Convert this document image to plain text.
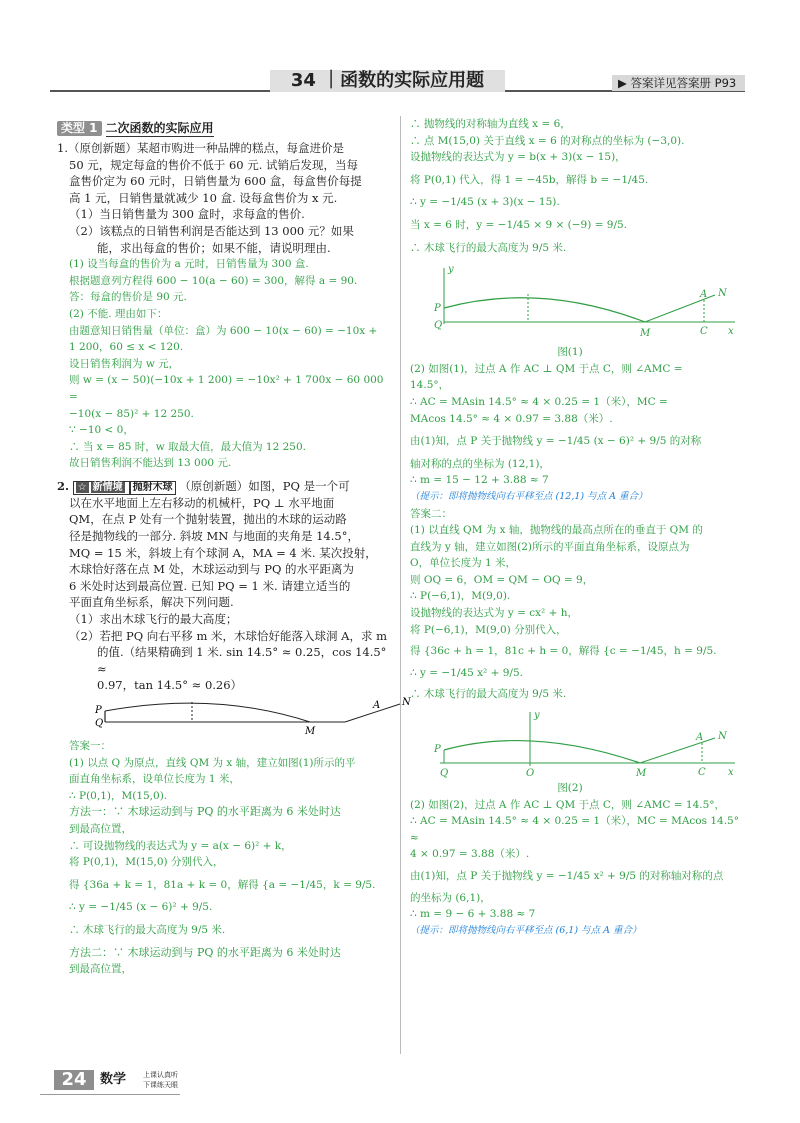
34 ｜函数的实际应用题	▶ 答案详见答案册 P93
类型 1 二次函数的实际应用
1.（原创新题）某超市购进一种品牌的糕点，每盒进价是
50 元，规定每盒的售价不低于 60 元. 试销后发现，当每
盒售价定为 60 元时，日销售量为 600 盒，每盒售价每提
高 1 元，日销售量就减少 10 盒. 设每盒售价为 x 元.
（1）当日销售量为 300 盒时，求每盒的售价.
（2）该糕点的日销售利润是否能达到 13 000 元？如果
能，求出每盒的售价；如果不能，请说明理由.
(1) 设当每盒的售价为 a 元时，日销售量为 300 盒.
根据题意列方程得 600 − 10(a − 60) = 300，解得 a = 90.
答：每盒的售价是 90 元.
(2) 不能. 理由如下：
由题意知日销售量（单位：盒）为 600 − 10(x − 60) = −10x +
1 200，60 ≤ x < 120.
设日销售利润为 w 元，
则 w = (x − 50)(−10x + 1 200) = −10x² + 1 700x − 60 000 =
−10(x − 85)² + 12 250.
∵ −10 < 0，
∴ 当 x = 85 时，w 取最大值，最大值为 12 250.
故日销售利润不能达到 13 000 元.
2. ☆ 新情境 抛射木球 （原创新题）如图，PQ 是一个可
以在水平地面上左右移动的机械杆，PQ ⊥ 水平地面
QM，在点 P 处有一个抛射装置，抛出的木球的运动路
径是抛物线的一部分. 斜坡 MN 与地面的夹角是 14.5°，
MQ = 15 米，斜坡上有个球洞 A，MA = 4 米. 某次投射，
木球恰好落在点 M 处，木球运动到与 PQ 的水平距离为
6 米处时达到最高位置. 已知 PQ = 1 米. 请建立适当的
平面直角坐标系，解决下列问题.
（1）求出木球飞行的最大高度；
（2）若把 PQ 向右平移 m 米，木球恰好能落入球洞 A，求 m
的值.（结果精确到 1 米. sin 14.5° ≈ 0.25，cos 14.5° ≈
0.97，tan 14.5° ≈ 0.26）
P
Q
M
A N
答案一：
(1) 以点 Q 为原点，直线 QM 为 x 轴，建立如图(1)所示的平
面直角坐标系，设单位长度为 1 米，
∴ P(0,1)，M(15,0).
方法一：∵ 木球运动到与 PQ 的水平距离为 6 米处时达
到最高位置，
∴ 可设抛物线的表达式为 y = a(x − 6)² + k，
将 P(0,1)，M(15,0) 分别代入，
得 {36a + k = 1，81a + k = 0，解得 {a = −1/45，k = 9/5.
∴ y = −1/45 (x − 6)² + 9/5.
∴ 木球飞行的最大高度为 9/5 米.
方法二：∵ 木球运动到与 PQ 的水平距离为 6 米处时达
到最高位置，
∴ 抛物线的对称轴为直线 x = 6，
∴ 点 M(15,0) 关于直线 x = 6 的对称点的坐标为 (−3,0).
设抛物线的表达式为 y = b(x + 3)(x − 15)，
将 P(0,1) 代入，得 1 = −45b，解得 b = −1/45.
∴ y = −1/45 (x + 3)(x − 15).
当 x = 6 时，y = −1/45 × 9 × (−9) = 9/5.
∴ 木球飞行的最大高度为 9/5 米.
y
P
Q
M
A N
C x
图(1)
(2) 如图(1)，过点 A 作 AC ⊥ QM 于点 C，则 ∠AMC =
14.5°，
∴ AC = MAsin 14.5° ≈ 4 × 0.25 = 1（米），MC =
MAcos 14.5° ≈ 4 × 0.97 = 3.88（米）.
由(1)知，点 P 关于抛物线 y = −1/45 (x − 6)² + 9/5 的对称
轴对称的点的坐标为 (12,1)，
∴ m = 15 − 12 + 3.88 ≈ 7
（提示：即将抛物线向右平移至点 (12,1) 与点 A 重合）
答案二：
(1) 以直线 QM 为 x 轴，抛物线的最高点所在的垂直于 QM 的
直线为 y 轴，建立如图(2)所示的平面直角坐标系，设原点为
O，单位长度为 1 米，
则 OQ = 6，OM = QM − OQ = 9，
∴ P(−6,1)，M(9,0).
设抛物线的表达式为 y = cx² + h，
将 P(−6,1)，M(9,0) 分别代入，
得 {36c + h = 1，81c + h = 0，解得 {c = −1/45，h = 9/5.
∴ y = −1/45 x² + 9/5.
∴ 木球飞行的最大高度为 9/5 米.
y
P
Q	O	M
A N
C x
图(2)
(2) 如图(2)，过点 A 作 AC ⊥ QM 于点 C，则 ∠AMC = 14.5°，
∴ AC = MAsin 14.5° ≈ 4 × 0.25 = 1（米），MC = MAcos 14.5° ≈
4 × 0.97 = 3.88（米）.
由(1)知，点 P 关于抛物线 y = −1/45 x² + 9/5 的对称轴对称的点
的坐标为 (6,1)，
∴ m = 9 − 6 + 3.88 ≈ 7
（提示：即将抛物线向右平移至点 (6,1) 与点 A 重合）
24	数学 上课认真听
下课练天眼
